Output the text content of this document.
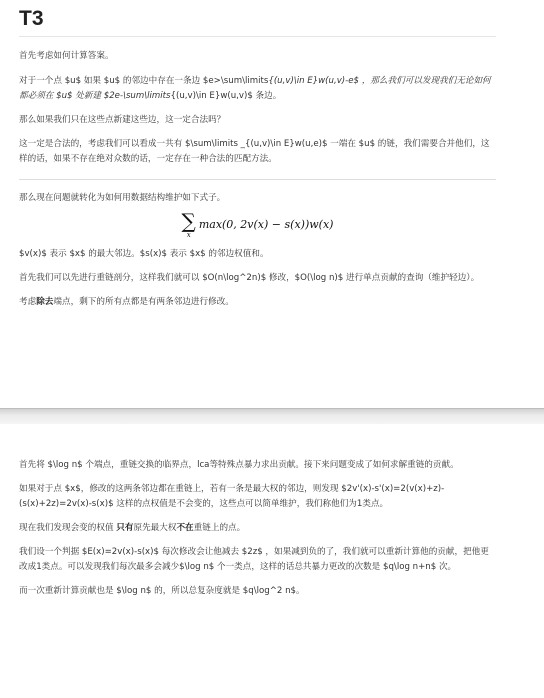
T3

首先考虑如何计算答案。

对于一个点 $u$ 如果 $u$ 的邻边中存在一条边 $e>\sum\limits{(u,v)\in E}w(u,v)-e$ ，那么我们可以发现我们无论如何都必须在 $u$ 处新建 $2e-\sum\limits{(u,v)\in E}w(u,v)$ 条边。

那么如果我们只在这些点新建这些边，这一定合法吗？

这一定是合法的，考虑我们可以看成一共有 $\sum\limits _{(u,v)\in E}w(u,e)$ 一端在 $u$ 的链，我们需要合并他们，这样的话，如果不存在绝对众数的话，一定存在一种合法的匹配方法。

那么现在问题就转化为如何用数据结构维护如下式子。

∑
x
max(0, 2v(x) − s(x))w(x)

$v(x)$ 表示 $x$ 的最大邻边。$s(x)$ 表示 $x$ 的邻边权值和。

首先我们可以先进行重链剖分，这样我们就可以 $O(n\log^2n)$ 修改，$O(\log n)$ 进行单点贡献的查询（维护轻边）。

考虑除去端点，剩下的所有点都是有两条邻边进行修改。

首先将 $\log n$ 个端点，重链交换的临界点，lca等特殊点暴力求出贡献。接下来问题变成了如何求解重链的贡献。

如果对于点 $x$，修改的这两条邻边都在重链上，若有一条是最大权的邻边，则发现 $2v'(x)-s'(x)=2(v(x)+z)-(s(x)+2z)=2v(x)-s(x)$ 这样的点权值是不会变的，这些点可以简单维护，我们称他们为1类点。

现在我们发现会变的权值 只有原先最大权不在重链上的点。

我们设一个判据 $E(x)=2v(x)-s(x)$ 每次修改会让他减去 $2z$ ，如果减到负的了，我们就可以重新计算他的贡献，把他更改成1类点。可以发现我们每次最多会减少$\log n$ 个一类点，这样的话总共暴力更改的次数是 $q\log n+n$ 次。

而一次重新计算贡献也是 $\log n$ 的，所以总复杂度就是 $q\log^2 n$。
